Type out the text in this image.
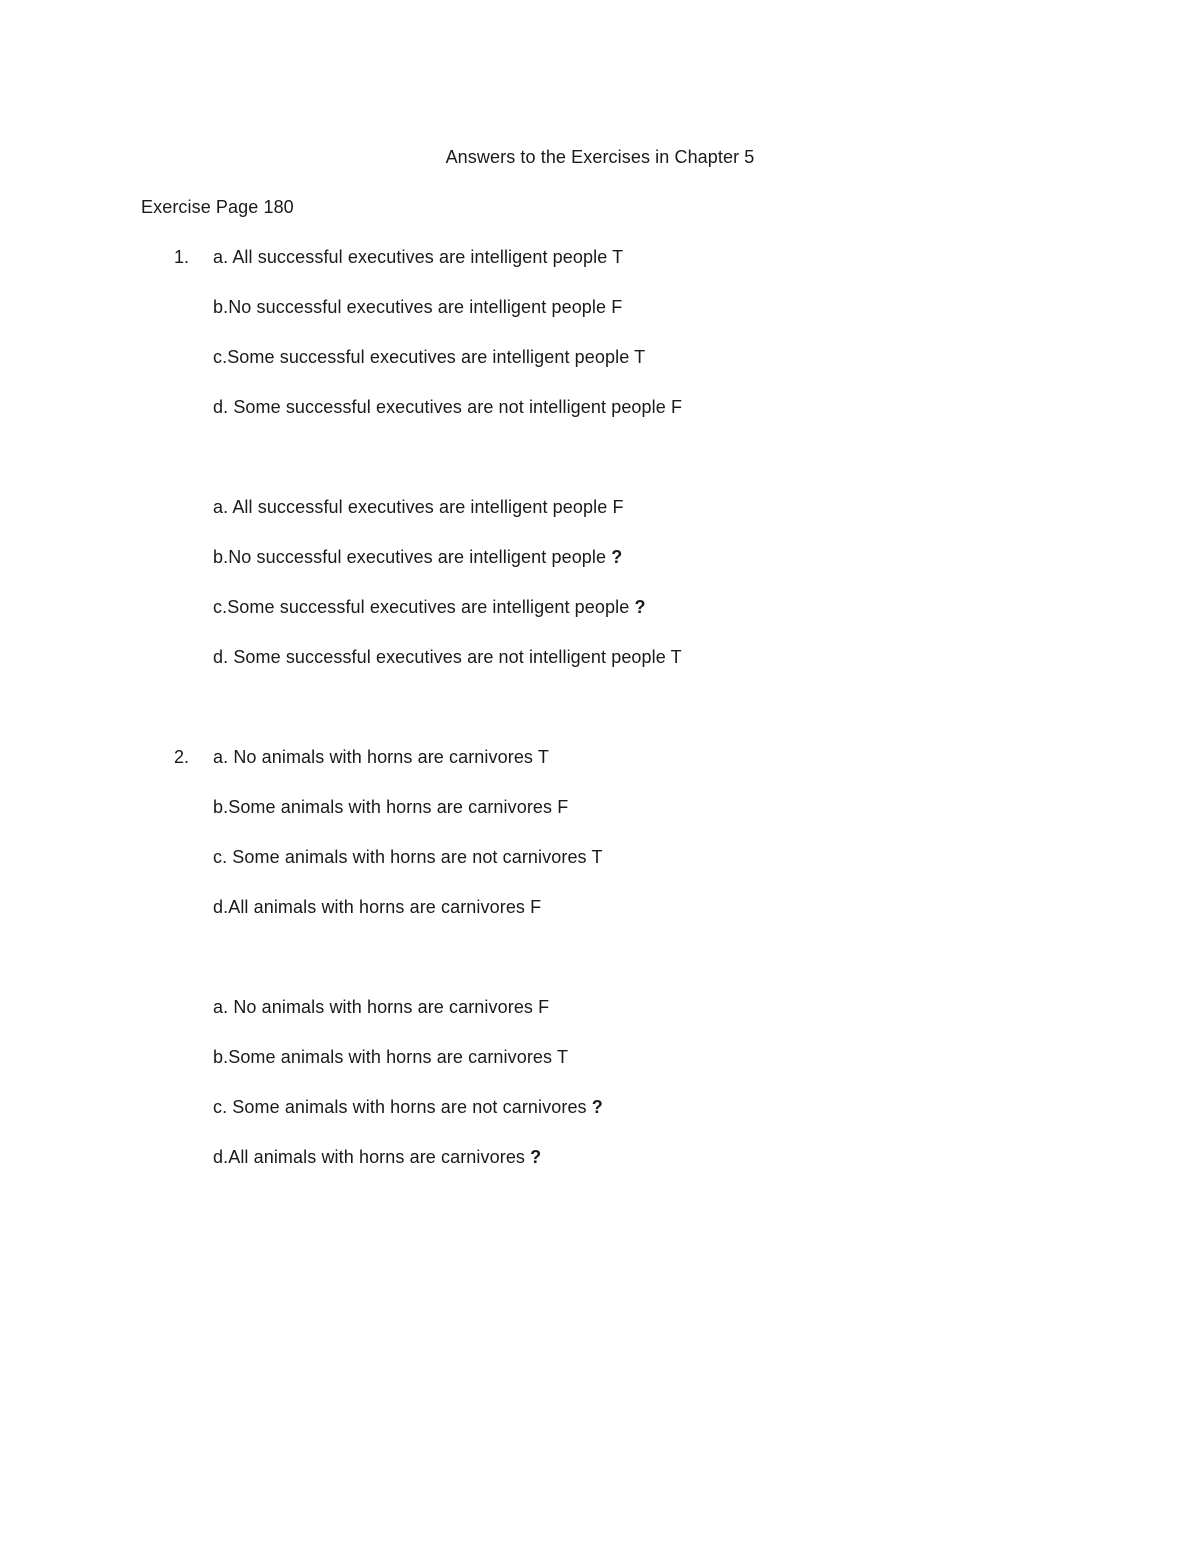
Answers to the Exercises in Chapter 5
Exercise Page 180
1. a. All successful executives are intelligent people T
b.No successful executives are intelligent people F
c.Some successful executives are intelligent people T
d. Some successful executives are not intelligent people F
a. All successful executives are intelligent people F
b.No successful executives are intelligent people ?
c.Some successful executives are intelligent people ?
d. Some successful executives are not intelligent people T
2. a. No animals with horns are carnivores T
b.Some animals with horns are carnivores F
c. Some animals with horns are not carnivores T
d.All animals with horns are carnivores F
a. No animals with horns are carnivores F
b.Some animals with horns are carnivores T
c. Some animals with horns are not carnivores ?
d.All animals with horns are carnivores ?
